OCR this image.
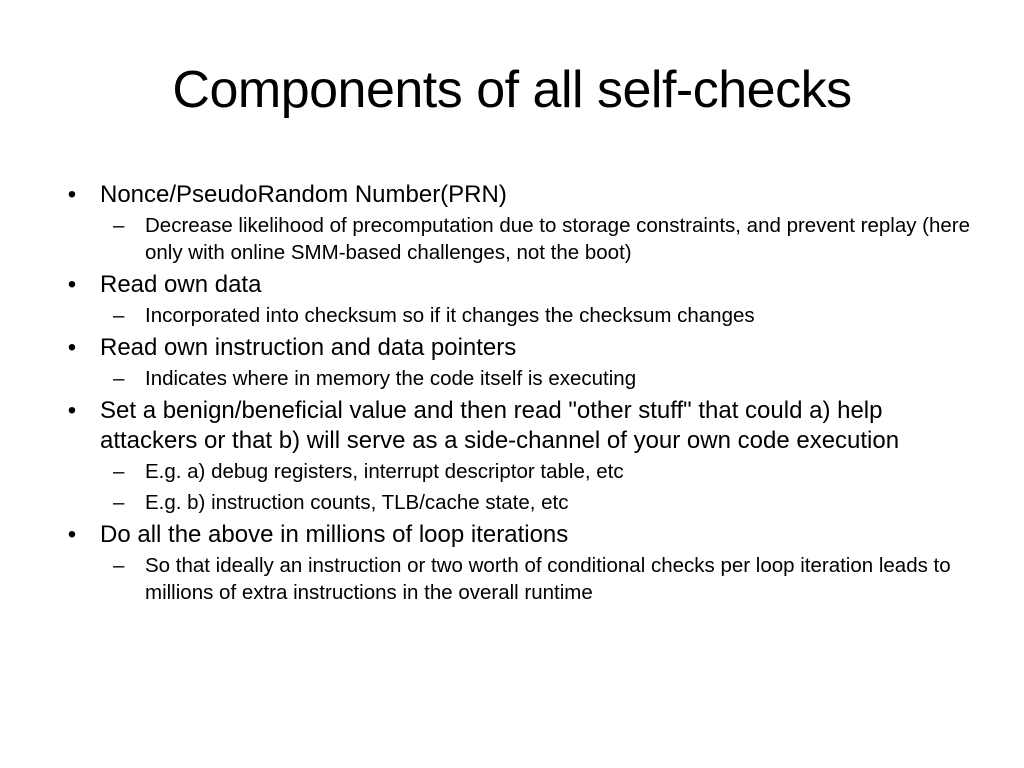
Components of all self-checks
• Nonce/PseudoRandom Number(PRN)
–	Decrease likelihood of precomputation due to storage constraints, and prevent replay (here only with online SMM-based challenges, not the boot)
• Read own data
–	Incorporated into checksum so if it changes the checksum changes
• Read own instruction and data pointers
–	Indicates where in memory the code itself is executing
• Set a benign/beneficial value and then read "other stuff" that could a) help attackers or that b) will serve as a side-channel of your own code execution
–	E.g. a) debug registers, interrupt descriptor table, etc
–	E.g. b) instruction counts, TLB/cache state, etc
• Do all the above in millions of loop iterations
–	So that ideally an instruction or two worth of conditional checks per loop iteration leads to millions of extra instructions in the overall runtime
